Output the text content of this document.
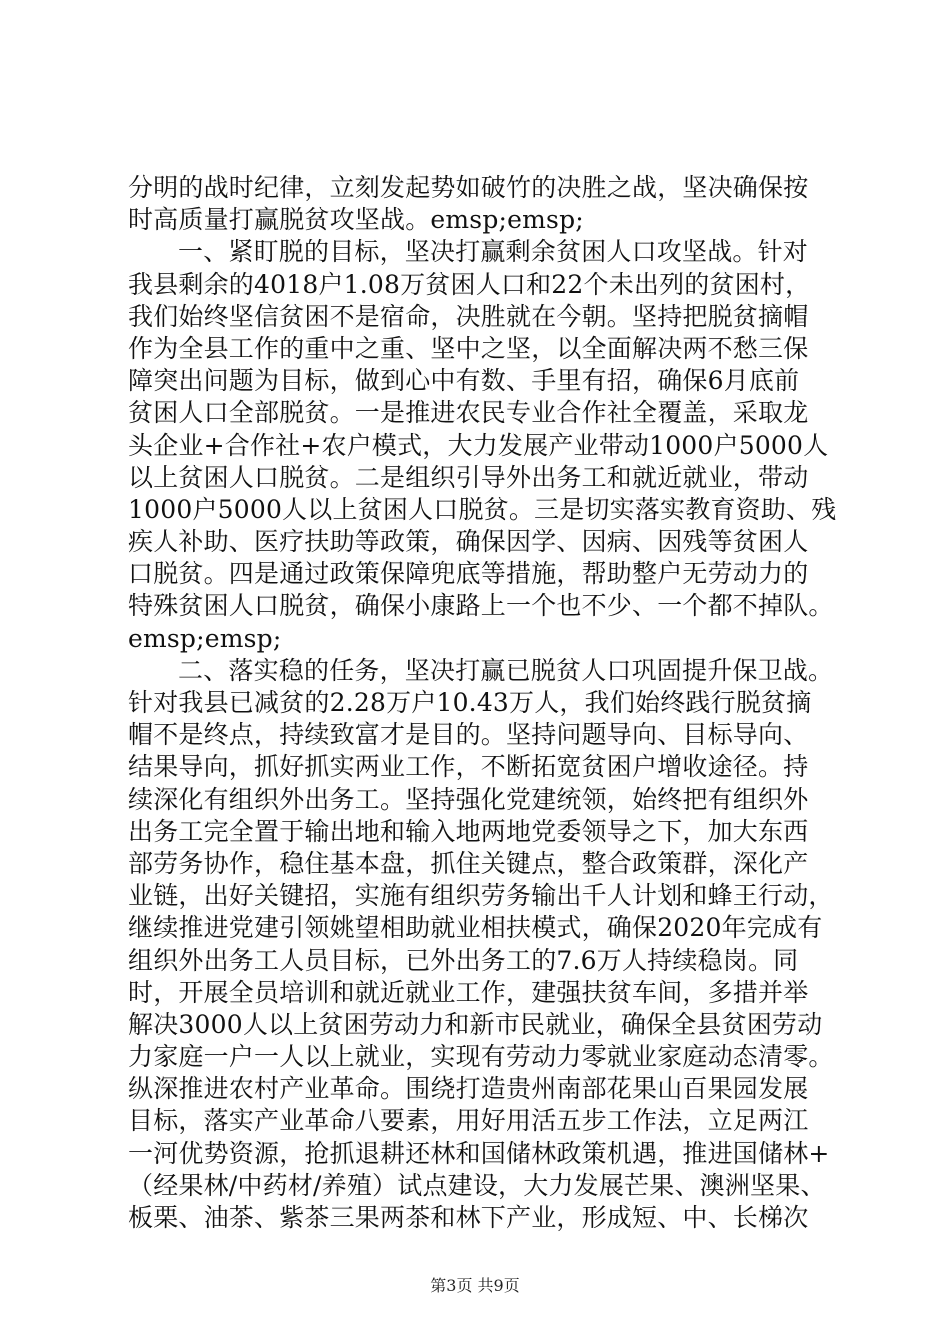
分明的战时纪律，立刻发起势如破竹的决胜之战，坚决确保按
时高质量打赢脱贫攻坚战。emsp;emsp;
一、紧盯脱的目标，坚决打赢剩余贫困人口攻坚战。针对
我县剩余的4018户1.08万贫困人口和22个未出列的贫困村，
我们始终坚信贫困不是宿命，决胜就在今朝。坚持把脱贫摘帽
作为全县工作的重中之重、坚中之坚，以全面解决两不愁三保
障突出问题为目标，做到心中有数、手里有招，确保6月底前
贫困人口全部脱贫。一是推进农民专业合作社全覆盖，采取龙
头企业+合作社+农户模式，大力发展产业带动1000户5000人
以上贫困人口脱贫。二是组织引导外出务工和就近就业，带动
1000户5000人以上贫困人口脱贫。三是切实落实教育资助、残
疾人补助、医疗扶助等政策，确保因学、因病、因残等贫困人
口脱贫。四是通过政策保障兜底等措施，帮助整户无劳动力的
特殊贫困人口脱贫，确保小康路上一个也不少、一个都不掉队。
emsp;emsp;
二、落实稳的任务，坚决打赢已脱贫人口巩固提升保卫战。
针对我县已减贫的2.28万户10.43万人，我们始终践行脱贫摘
帽不是终点，持续致富才是目的。坚持问题导向、目标导向、
结果导向，抓好抓实两业工作，不断拓宽贫困户增收途径。持
续深化有组织外出务工。坚持强化党建统领，始终把有组织外
出务工完全置于输出地和输入地两地党委领导之下，加大东西
部劳务协作，稳住基本盘，抓住关键点，整合政策群，深化产
业链，出好关键招，实施有组织劳务输出千人计划和蜂王行动，
继续推进党建引领姚望相助就业相扶模式，确保2020年完成有
组织外出务工人员目标，已外出务工的7.6万人持续稳岗。同
时，开展全员培训和就近就业工作，建强扶贫车间，多措并举
解决3000人以上贫困劳动力和新市民就业，确保全县贫困劳动
力家庭一户一人以上就业，实现有劳动力零就业家庭动态清零。
纵深推进农村产业革命。围绕打造贵州南部花果山百果园发展
目标，落实产业革命八要素，用好用活五步工作法，立足两江
一河优势资源，抢抓退耕还林和国储林政策机遇，推进国储林+
（经果林/中药材/养殖）试点建设，大力发展芒果、澳洲坚果、
板栗、油茶、紫茶三果两茶和林下产业，形成短、中、长梯次
第3页 共9页
